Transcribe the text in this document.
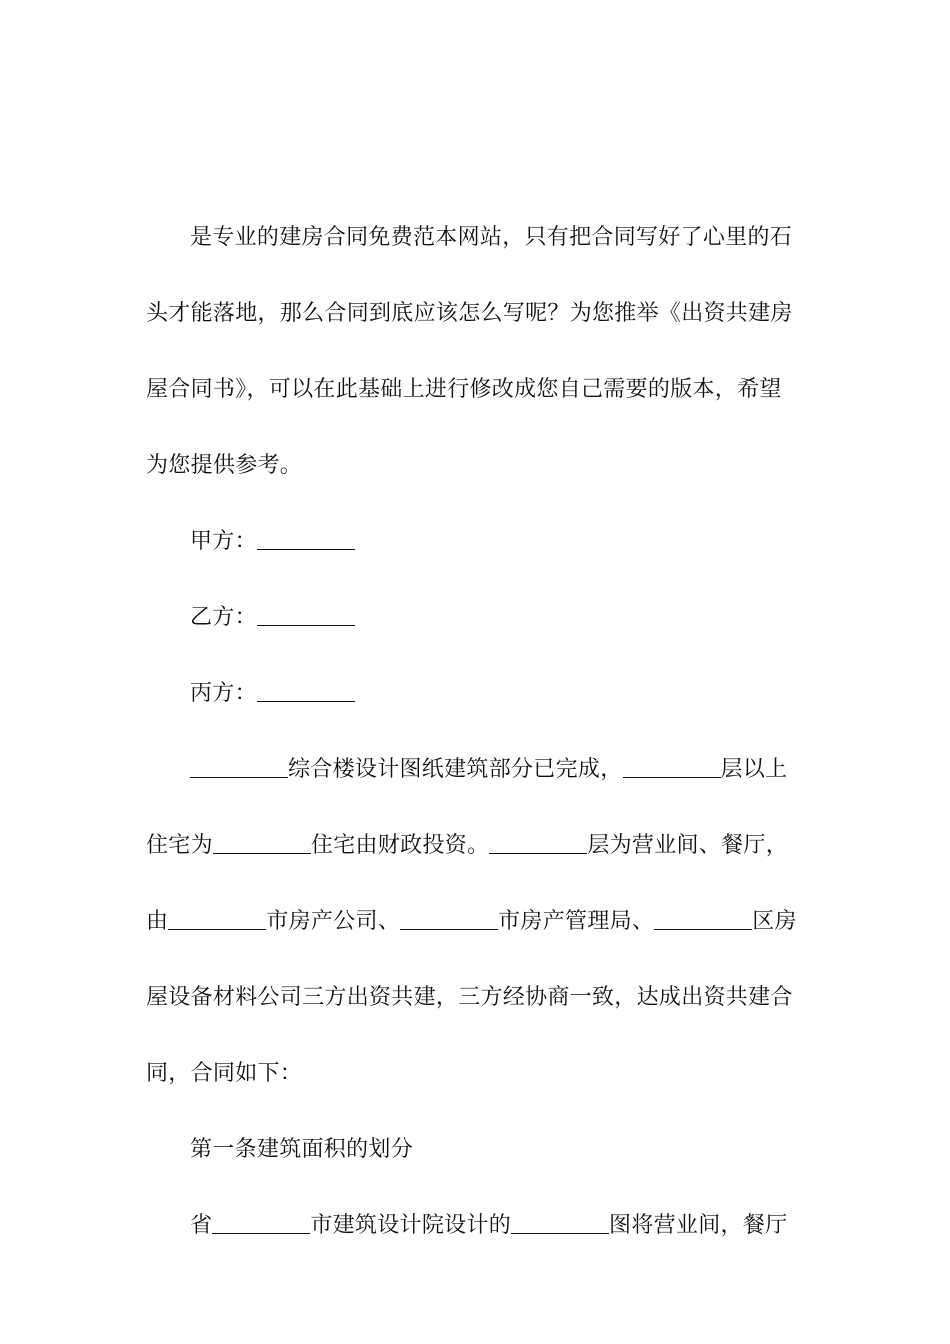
是专业的建房合同免费范本网站，只有把合同写好了心里的石
头才能落地，那么合同到底应该怎么写呢？为您推举《出资共建房
屋合同书》，可以在此基础上进行修改成您自己需要的版本，希望
为您提供参考。

甲方：

乙方：

丙方：

综合楼设计图纸建筑部分已完成，	层以上
住宅为	住宅由财政投资。	层为营业间、餐厅，
由	市房产公司、	市房产管理局、	区房
屋设备材料公司三方出资共建，三方经协商一致，达成出资共建合
同，合同如下：

第一条建筑面积的划分

省	市建筑设计院设计的	图将营业间，餐厅
